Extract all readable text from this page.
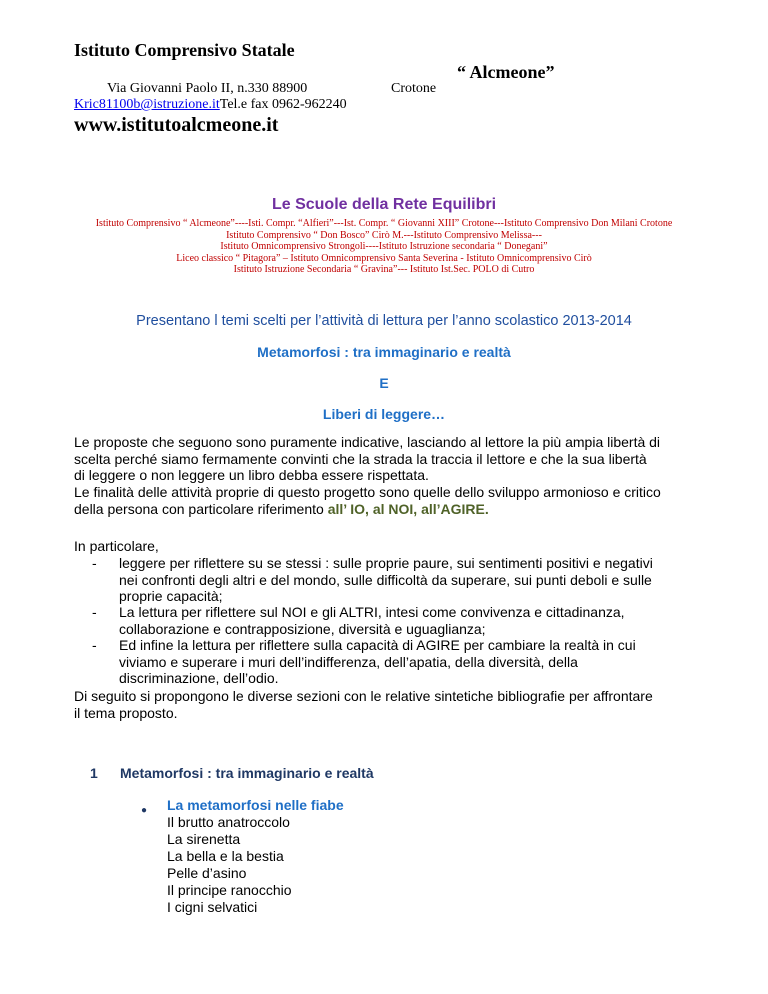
Istituto Comprensivo Statale
“ Alcmeone”
Via Giovanni Paolo II, n.330 88900	Crotone
Kric81100b@istruzione.itTel.e fax 0962-962240
www.istitutoalcmeone.it
Le Scuole della Rete Equilibri
Istituto Comprensivo “ Alcmeone”----Isti. Compr. “Alfieri”---Ist. Compr. “ Giovanni XIII” Crotone---Istituto Comprensivo Don Milani Crotone
Istituto Comprensivo “ Don Bosco” Cirò M.---Istituto Comprensivo Melissa---
Istituto Omnicomprensivo Strongoli----Istituto Istruzione secondaria “ Donegani”
Liceo classico “ Pitagora” – Istituto Omnicomprensivo Santa Severina - Istituto Omnicomprensivo Cirò
Istituto Istruzione Secondaria “ Gravina”--- Istituto Ist.Sec. POLO di Cutro
Presentano l temi scelti per l’attività di lettura per l’anno scolastico 2013-2014
Metamorfosi : tra immaginario e realtà
E
Liberi di leggere…
Le proposte che seguono sono puramente indicative, lasciando al lettore la più ampia libertà di
scelta perché siamo fermamente convinti che la strada la traccia il lettore e che la sua libertà
di leggere o non leggere un libro debba essere rispettata.
Le finalità delle attività proprie di questo progetto sono quelle dello sviluppo armonioso e critico
della persona con particolare riferimento all’ IO, al NOI, all’AGIRE.
In particolare,
- leggere per riflettere su se stessi : sulle proprie paure, sui sentimenti positivi e negativi
nei confronti degli altri e del mondo, sulle difficoltà da superare, sui punti deboli e sulle
proprie capacità;
- La lettura per riflettere sul NOI e gli ALTRI, intesi come convivenza e cittadinanza,
collaborazione e contrapposizione, diversità e uguaglianza;
- Ed infine la lettura per riflettere sulla capacità di AGIRE per cambiare la realtà in cui
viviamo e superare i muri dell’indifferenza, dell’apatia, della diversità, della
discriminazione, dell’odio.
Di seguito si propongono le diverse sezioni con le relative sintetiche bibliografie per affrontare
il tema proposto.
1 Metamorfosi : tra immaginario e realtà
● La metamorfosi nelle fiabe
Il brutto anatroccolo
La sirenetta
La bella e la bestia
Pelle d’asino
Il principe ranocchio
I cigni selvatici
